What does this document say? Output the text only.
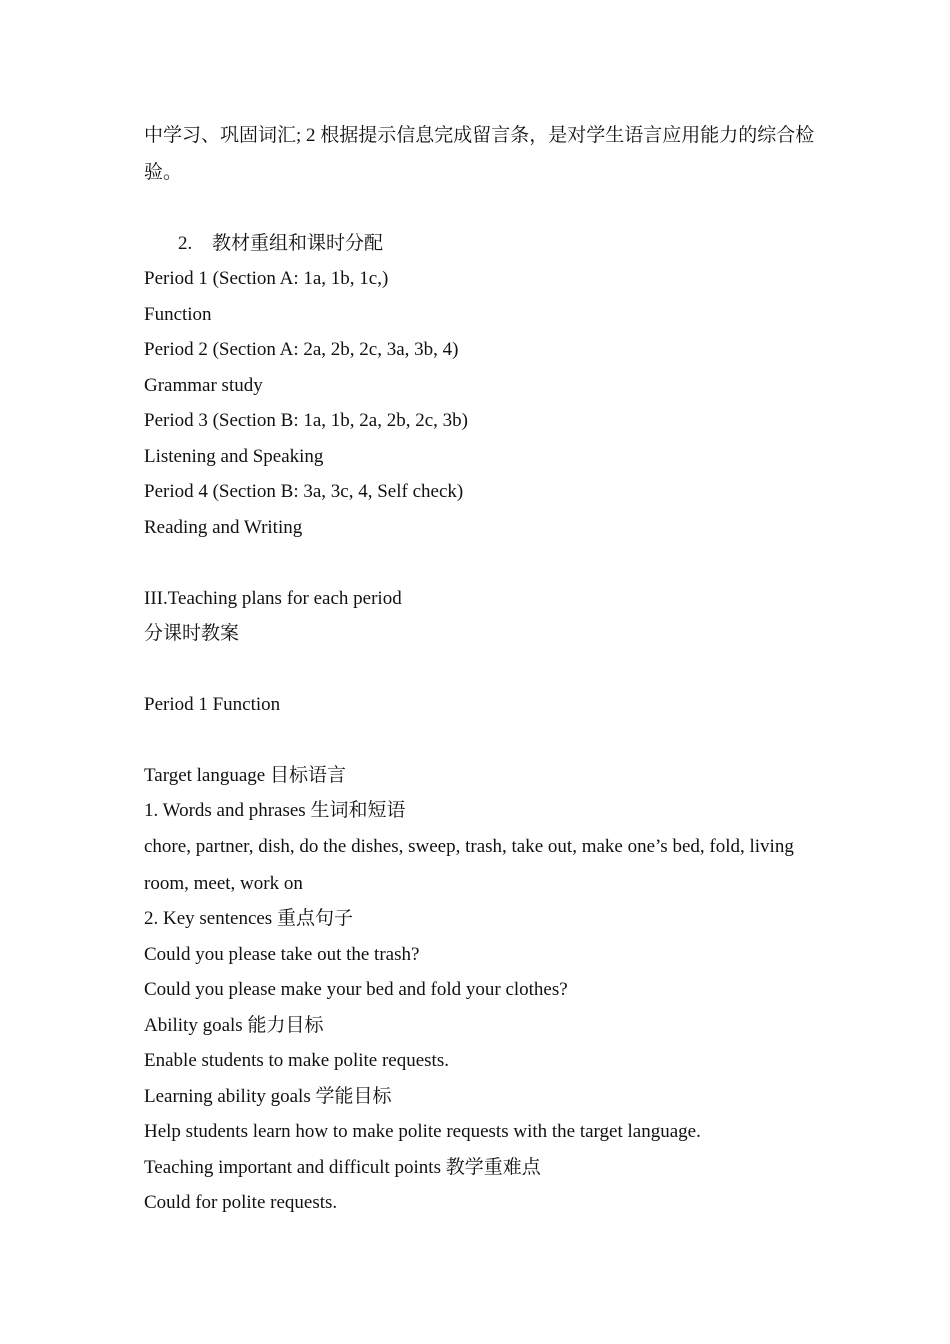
中学习、巩固词汇; 2 根据提示信息完成留言条，是对学生语言应用能力的综合检
验。
2. 教材重组和课时分配
Period 1 (Section A: 1a, 1b, 1c,)
Function
Period 2 (Section A: 2a, 2b, 2c, 3a, 3b, 4)
Grammar study
Period 3 (Section B: 1a, 1b, 2a, 2b, 2c, 3b)
Listening and Speaking
Period 4 (Section B: 3a, 3c, 4, Self check)
Reading and Writing
III.Teaching plans for each period
分课时教案
Period 1 Function
Target language 目标语言
1. Words and phrases 生词和短语
chore, partner, dish, do the dishes, sweep, trash, take out, make one’s bed, fold, living
room, meet, work on
2. Key sentences 重点句子
Could you please take out the trash?
Could you please make your bed and fold your clothes?
Ability goals 能力目标
Enable students to make polite requests.
Learning ability goals 学能目标
Help students learn how to make polite requests with the target language.
Teaching important and difficult points 教学重难点
Could for polite requests.
